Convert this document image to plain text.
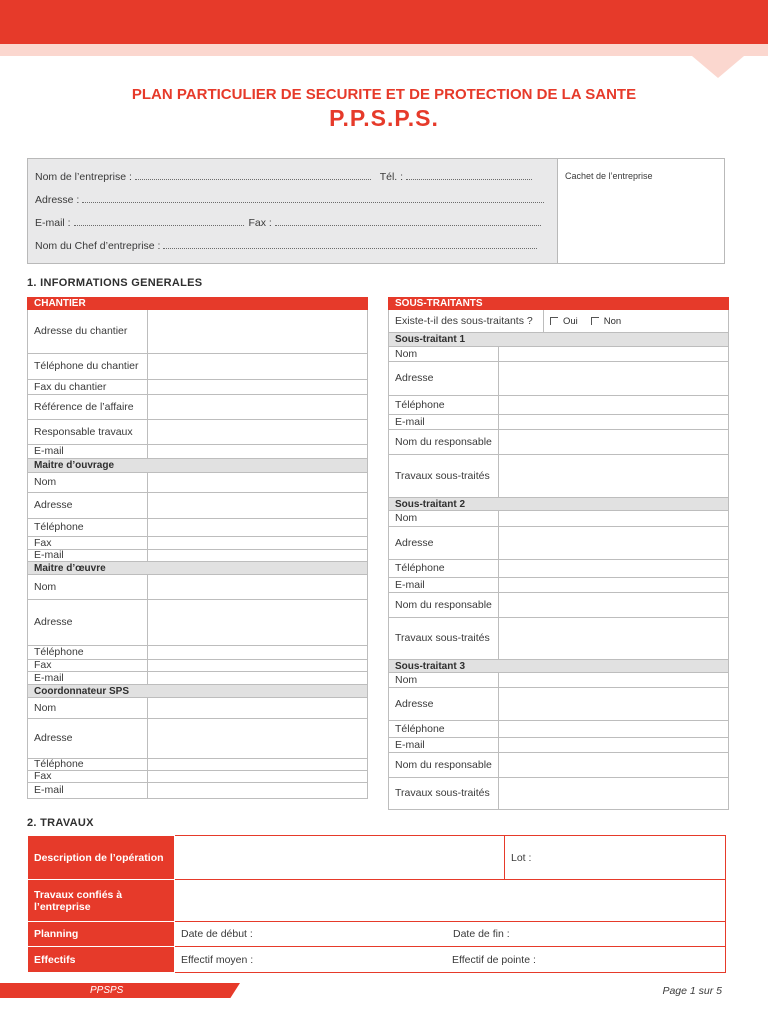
PLAN PARTICULIER DE SECURITE ET DE PROTECTION DE LA SANTE
P.P.S.P.S.
Nom de l’entreprise :	Tél. :
Adresse :
E-mail :	Fax :
Nom du Chef d’entreprise :
Cachet de l’entreprise
1. INFORMATIONS GENERALES
CHANTIER	
Adresse du chantier	
Téléphone du chantier	
Fax du chantier	
Référence de l’affaire	
Responsable travaux	
E-mail	
Maitre d’ouvrage	
Nom	
Adresse	
Téléphone	
Fax	
E-mail	
Maitre d’œuvre	
Nom	
Adresse	
Téléphone	
Fax	
E-mail	
Coordonnateur SPS	
Nom	
Adresse	
Téléphone	
Fax	
E-mail	
SOUS-TRAITANTS		
Existe-t-il des sous-traitants ?		Oui Non
Sous-traitant 1		
Nom		
Adresse		
Téléphone		
E-mail		
Nom du responsable		
Travaux sous-traités		
Sous-traitant 2		
Nom		
Adresse		
Téléphone		
E-mail		
Nom du responsable		
Travaux sous-traités		
Sous-traitant 3		
Nom		
Adresse		
Téléphone		
E-mail		
Nom du responsable		
Travaux sous-traités		
2. TRAVAUX
Description de l’opération		Lot :
Travaux confiés à l’entreprise		
Planning	Date de début : Date de fin :	
Effectifs	Effectif moyen : Effectif de pointe :	
PPSPS	Page 1 sur 5
